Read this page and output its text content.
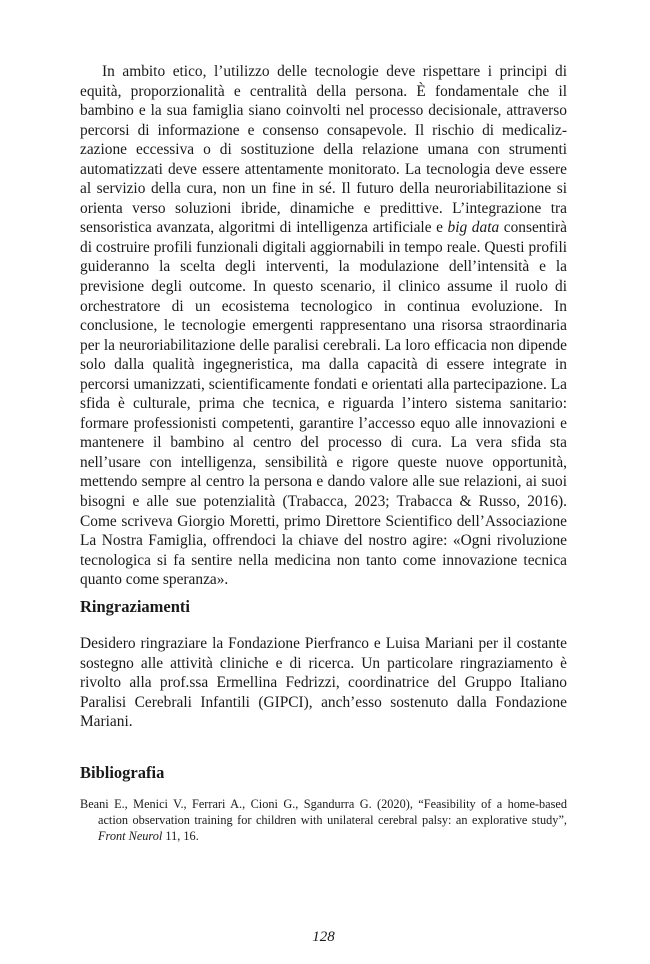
In ambito etico, l’utilizzo delle tecnologie deve rispettare i principi di equità, proporzionalità e centralità della persona. È fondamentale che il bambino e la sua famiglia siano coinvolti nel processo decisionale, attraverso percorsi di informazione e consenso consapevole. Il rischio di medicalizzazione eccessiva o di sostituzione della relazione umana con strumenti automatizzati deve essere attentamente monitorato. La tecnologia deve essere al servizio della cura, non un fine in sé. Il futuro della neuroriabilitazione si orienta verso soluzioni ibride, dinamiche e predittive. L’integrazione tra sensoristica avanzata, algoritmi di intelligenza artificiale e big data consentirà di costruire profili funzionali digitali aggiornabili in tempo reale. Questi profili guideranno la scelta degli interventi, la modulazione dell’intensità e la previsione degli outcome. In questo scenario, il clinico assume il ruolo di orchestratore di un ecosistema tecnologico in continua evoluzione. In conclusione, le tecnologie emergenti rappresentano una risorsa straordinaria per la neuroriabilitazione delle paralisi cerebrali. La loro efficacia non dipende solo dalla qualità ingegneristica, ma dalla capacità di essere integrate in percorsi umanizzati, scientificamente fondati e orientati alla partecipazione. La sfida è culturale, prima che tecnica, e riguarda l’intero sistema sanitario: formare professionisti competenti, garantire l’accesso equo alle innovazioni e mantenere il bambino al centro del processo di cura. La vera sfida sta nell’usare con intelligenza, sensibilità e rigore queste nuove opportunità, mettendo sempre al centro la persona e dando valore alle sue relazioni, ai suoi bisogni e alle sue potenzialità (Trabacca, 2023; Trabacca & Russo, 2016). Come scriveva Giorgio Moretti, primo Direttore Scientifico dell’Associazione La Nostra Famiglia, offrendoci la chiave del nostro agire: «Ogni rivoluzione tecnologica si fa sentire nella medicina non tanto come innovazione tecnica quanto come speranza».

Ringraziamenti

Desidero ringraziare la Fondazione Pierfranco e Luisa Mariani per il costante sostegno alle attività cliniche e di ricerca. Un particolare ringraziamento è rivolto alla prof.ssa Ermellina Fedrizzi, coordinatrice del Gruppo Italiano Paralisi Cerebrali Infantili (GIPCI), anch’esso sostenuto dalla Fondazione Mariani.

Bibliografia

Beani E., Menici V., Ferrari A., Cioni G., Sgandurra G. (2020), “Feasibility of a home-based action observation training for children with unilateral cerebral palsy: an explorative study”, Front Neurol 11, 16.

128
